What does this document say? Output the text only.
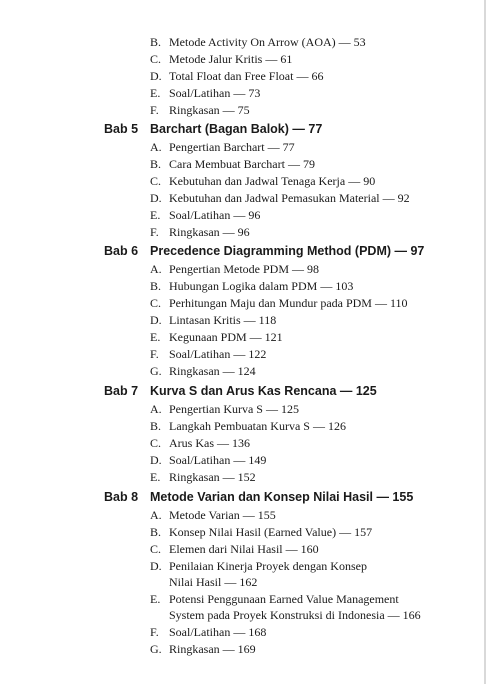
B. Metode Activity On Arrow (AOA) — 53
C. Metode Jalur Kritis — 61
D. Total Float dan Free Float — 66
E. Soal/Latihan — 73
F. Ringkasan — 75
Bab 5 Barchart (Bagan Balok) — 77
A. Pengertian Barchart — 77
B. Cara Membuat Barchart — 79
C. Kebutuhan dan Jadwal Tenaga Kerja — 90
D. Kebutuhan dan Jadwal Pemasukan Material — 92
E. Soal/Latihan — 96
F. Ringkasan — 96
Bab 6 Precedence Diagramming Method (PDM) — 97
A. Pengertian Metode PDM — 98
B. Hubungan Logika dalam PDM — 103
C. Perhitungan Maju dan Mundur pada PDM — 110
D. Lintasan Kritis — 118
E. Kegunaan PDM — 121
F. Soal/Latihan — 122
G. Ringkasan — 124
Bab 7 Kurva S dan Arus Kas Rencana — 125
A. Pengertian Kurva S — 125
B. Langkah Pembuatan Kurva S — 126
C. Arus Kas — 136
D. Soal/Latihan — 149
E. Ringkasan — 152
Bab 8 Metode Varian dan Konsep Nilai Hasil — 155
A. Metode Varian — 155
B. Konsep Nilai Hasil (Earned Value) — 157
C. Elemen dari Nilai Hasil — 160
D. Penilaian Kinerja Proyek dengan Konsep
Nilai Hasil — 162
E. Potensi Penggunaan Earned Value Management
System pada Proyek Konstruksi di Indonesia — 166
F. Soal/Latihan — 168
G. Ringkasan — 169
